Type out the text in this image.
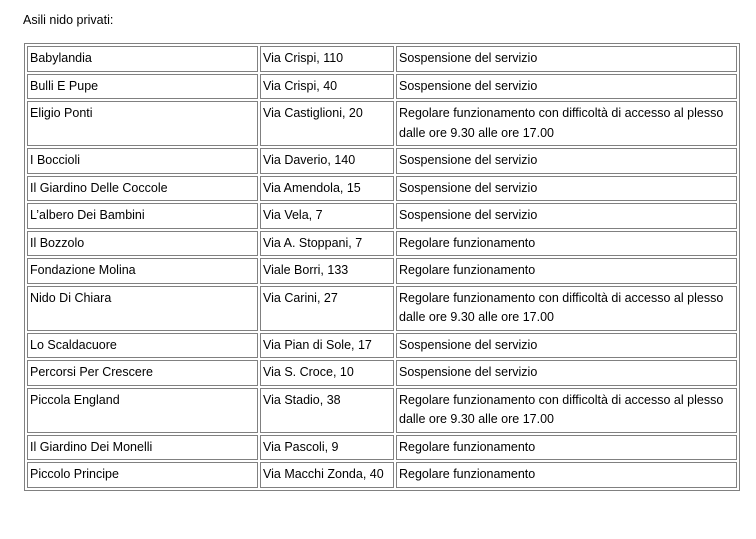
Asili nido privati:
Babylandia	Via Crispi, 110	Sospensione del servizio
Bulli E Pupe	Via Crispi, 40	Sospensione del servizio
Eligio Ponti	Via Castiglioni, 20	Regolare funzionamento con difficoltà di accesso al plesso dalle ore 9.30 alle ore 17.00
I Boccioli	Via Daverio, 140	Sospensione del servizio
Il Giardino Delle Coccole	Via Amendola, 15	Sospensione del servizio
L’albero Dei Bambini	Via Vela, 7	Sospensione del servizio
Il Bozzolo	Via A. Stoppani, 7	Regolare funzionamento
Fondazione Molina	Viale Borri, 133	Regolare funzionamento
Nido Di Chiara	Via Carini, 27	Regolare funzionamento con difficoltà di accesso al plesso dalle ore 9.30 alle ore 17.00
Lo Scaldacuore	Via Pian di Sole, 17	Sospensione del servizio
Percorsi Per Crescere	Via S. Croce, 10	Sospensione del servizio
Piccola England	Via Stadio, 38	Regolare funzionamento con difficoltà di accesso al plesso dalle ore 9.30 alle ore 17.00
Il Giardino Dei Monelli	Via Pascoli, 9	Regolare funzionamento
Piccolo Principe	Via Macchi Zonda, 40	Regolare funzionamento
